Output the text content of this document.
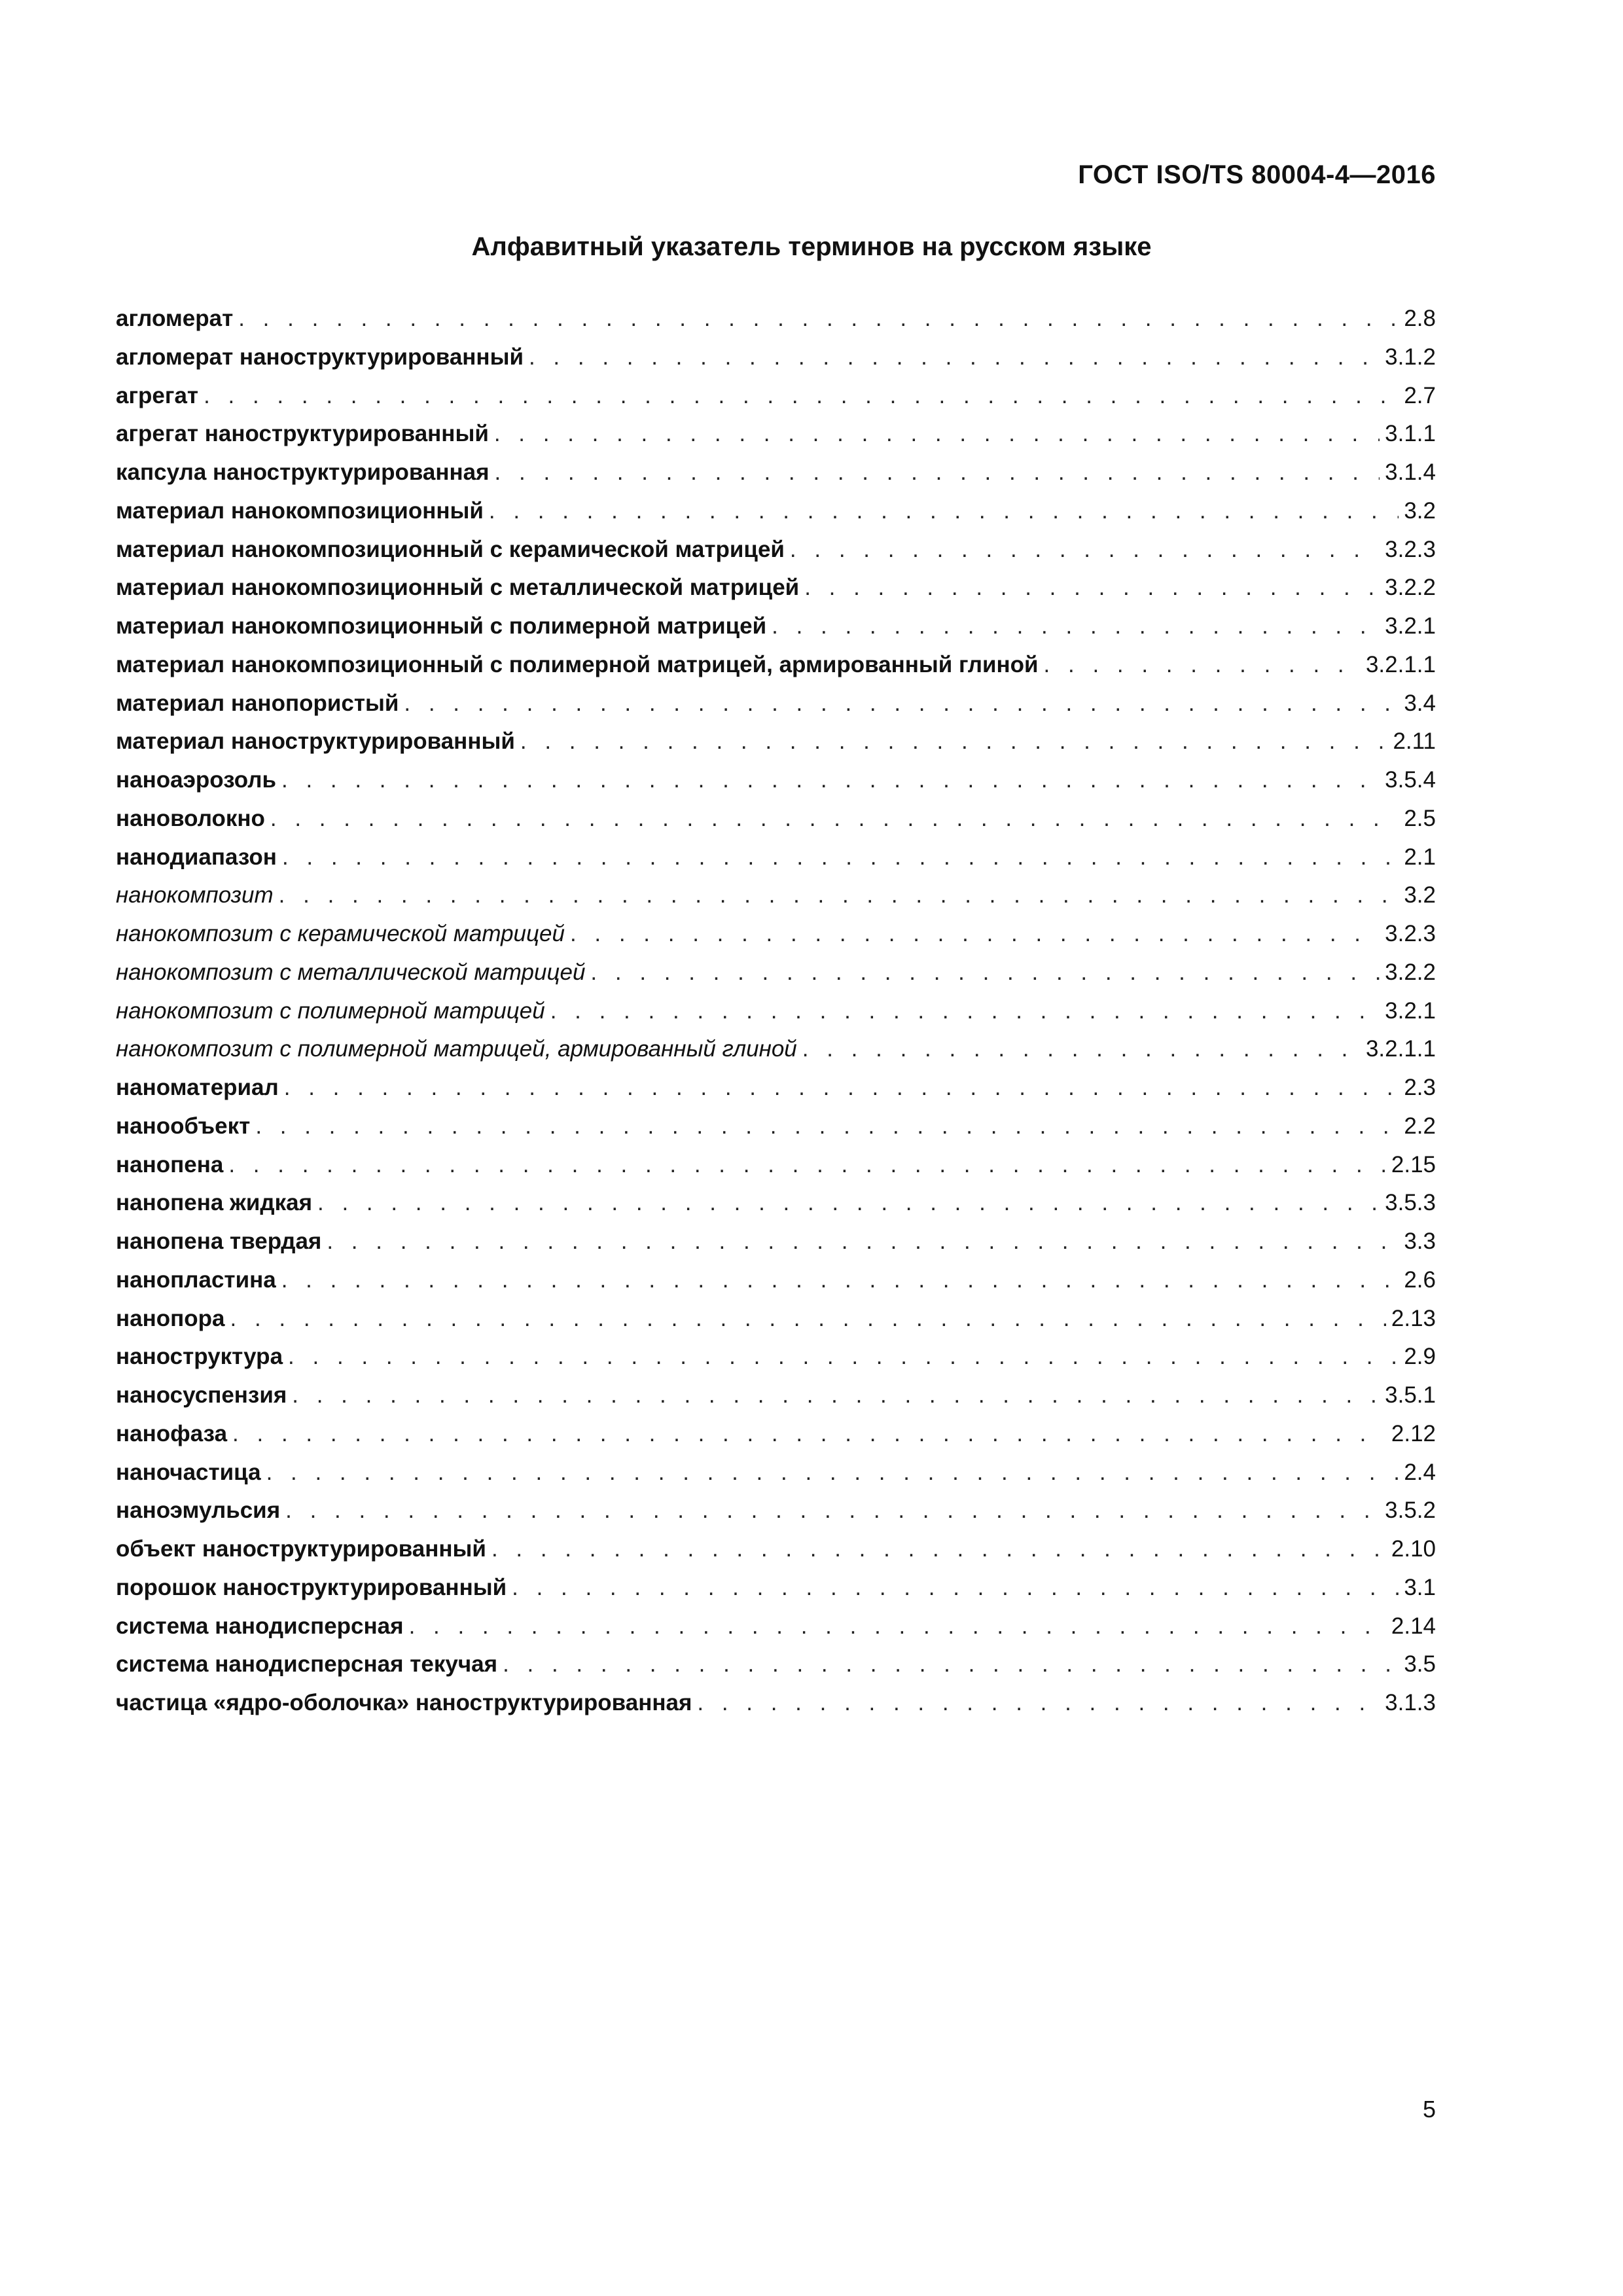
ГОСТ ISO/TS 80004-4—2016
Алфавитный указатель терминов на русском языке
агломерат . . .	2.8
агломерат наноструктурированный . . .	3.1.2
агрегат . . .	2.7
агрегат наноструктурированный . . .	3.1.1
капсула наноструктурированная . . .	3.1.4
материал нанокомпозиционный . . .	3.2
материал нанокомпозиционный с керамической матрицей . . .	3.2.3
материал нанокомпозиционный с металлической матрицей . . .	3.2.2
материал нанокомпозиционный с полимерной матрицей . . .	3.2.1
материал нанокомпозиционный с полимерной матрицей, армированный глиной . . .	3.2.1.1
материал нанопористый . . .	3.4
материал наноструктурированный . . .	2.11
наноаэрозоль . . .	3.5.4
нановолокно . . .	2.5
нанодиапазон . . .	2.1
нанокомпозит . . .	3.2
нанокомпозит с керамической матрицей . . .	3.2.3
нанокомпозит с металлической матрицей . . .	3.2.2
нанокомпозит с полимерной матрицей . . .	3.2.1
нанокомпозит с полимерной матрицей, армированный глиной . . .	3.2.1.1
наноматериал . . .	2.3
нанообъект . . .	2.2
нанопена . . .	2.15
нанопена жидкая . . .	3.5.3
нанопена твердая . . .	3.3
нанопластина . . .	2.6
нанопора . . .	2.13
наноструктура . . .	2.9
наносуспензия . . .	3.5.1
нанофаза . . .	2.12
наночастица . . .	2.4
наноэмульсия . . .	3.5.2
объект наноструктурированный . . .	2.10
порошок наноструктурированный . . .	3.1
система нанодисперсная . . .	2.14
система нанодисперсная текучая . . .	3.5
частица «ядро-оболочка» наноструктурированная . . .	3.1.3
5
